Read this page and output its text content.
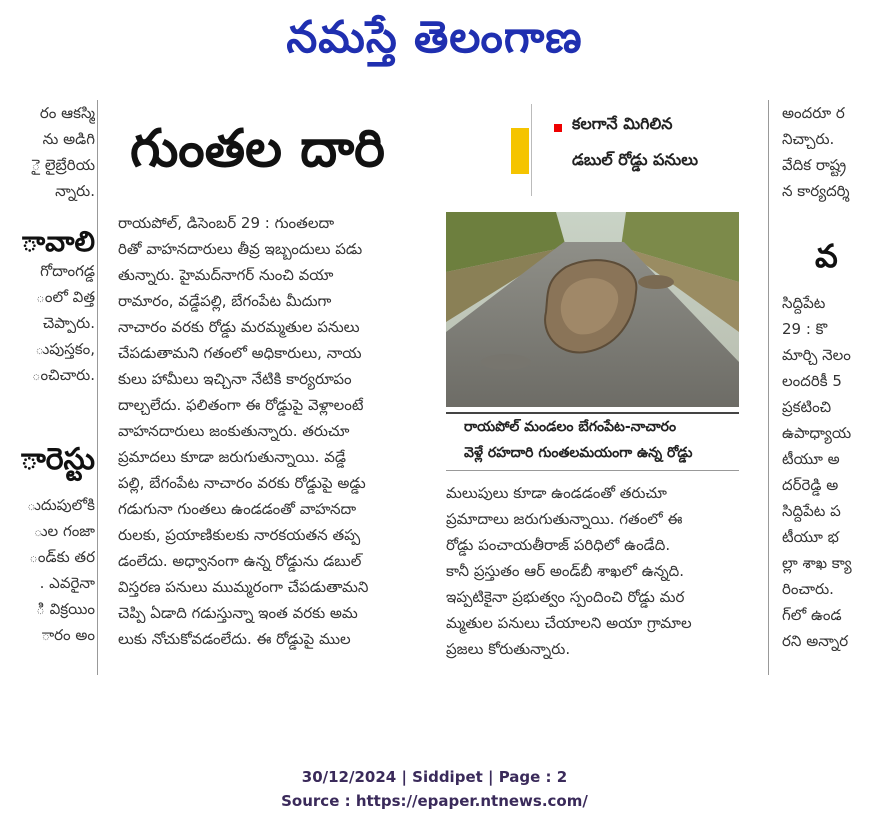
నమస్తే తెలంగాణ
రం ఆకస్మి
ను అడిగి
ై లైబ్రేరియ
న్నారు.
ావాలి
గోదాంగడ్డ
ంలో విత్త
చెప్పారు.
ుపుస్తకం,
ంచిచారు.
ారెస్టు
ుదుపులోకి
ుల గంజా
ండ్‌కు తర
. ఎవరైనా
ి విక్రయిం
ారం అం
గుంతల దారి	కలగానే మిగిలిన
డబుల్ రోడ్డు పనులు
రాయపోల్, డిసెంబర్ 29 : గుంతలదా
రితో వాహనదారులు తీవ్ర ఇబ్బందులు పడు
తున్నారు. హైమద్‌నాగర్ నుంచి వయా
రామారం, వడ్డేపల్లి, బేగంపేట మీదుగా
నాచారం వరకు రోడ్డు మరమ్మతుల పనులు
చేపడుతామని గతంలో అధికారులు, నాయ
కులు హామీలు ఇచ్చినా నేటికి కార్యరూపం
దాల్చలేదు. ఫలితంగా ఈ రోడ్డుపై వెళ్లాలంటే
వాహనదారులు జంకుతున్నారు. తరుచూ
ప్రమాదలు కూడా జరుగుతున్నాయి. వడ్డే
పల్లి, బేగంపేట నాచారం వరకు రోడ్డుపై అడ్డు
గడుగునా గుంతలు ఉండడంతో వాహనదా
రులకు, ప్రయాణికులకు నారకయతన తప్ప
డంలేదు. అధ్వానంగా ఉన్న రోడ్డును డబుల్
విస్తరణ పనులు ముమ్మరంగా చేపడుతామని
చెప్పి ఏడాది గడుస్తున్నా ఇంత వరకు అమ
లుకు నోచుకోవడంలేదు. ఈ రోడ్డుపై ముల
రాయపోల్ మండలం బేగంపేట-నాచారం
వెళ్లే రహదారి గుంతలమయంగా ఉన్న రోడ్డు
మలుపులు కూడా ఉండడంతో తరుచూ
ప్రమాదాలు జరుగుతున్నాయి. గతంలో ఈ
రోడ్డు పంచాయతీరాజ్ పరిధిలో ఉండేది.
కానీ ప్రస్తుతం ఆర్ అండ్‌బీ శాఖలో ఉన్నది.
ఇప్పటికైనా ప్రభుత్వం స్పందించి రోడ్డు మర
మ్మతుల పనులు చేయాలని అయా గ్రామాల
ప్రజలు కోరుతున్నారు.
అందరూ ర
నిచ్చారు.
వేదిక రాష్ట్ర
న కార్యదర్శి
వ
సిద్దిపేట
29 : కొ
మార్చి నెలం
లందరికీ 5
ప్రకటించి
ఉపాధ్యాయ
టీయూ అ
దర్‌రెడ్డి అ
సిద్దిపేట ప
టీయూ భ
ల్లా శాఖ క్యా
రించారు.
గ్‌లో ఉండ
రని అన్నార
30/12/2024 | Siddipet | Page : 2
Source : https://epaper.ntnews.com/
